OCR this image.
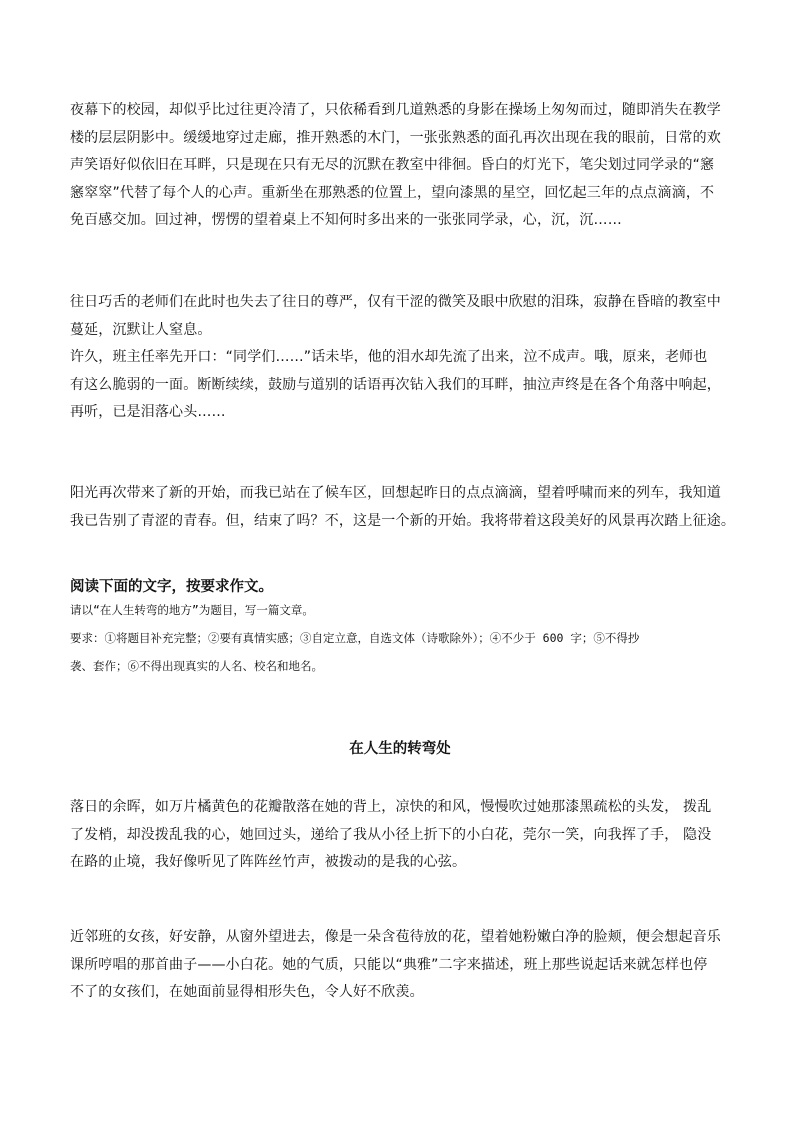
夜幕下的校园，却似乎比过往更冷清了，只依稀看到几道熟悉的身影在操场上匆匆而过，随即消失在教学
楼的层层阴影中。缓缓地穿过走廊，推开熟悉的木门，一张张熟悉的面孔再次出现在我的眼前，日常的欢
声笑语好似依旧在耳畔，只是现在只有无尽的沉默在教室中徘徊。昏白的灯光下，笔尖划过同学录的“窸
窸窣窣”代替了每个人的心声。重新坐在那熟悉的位置上，望向漆黑的星空，回忆起三年的点点滴滴，不
免百感交加。回过神，愣愣的望着桌上不知何时多出来的一张张同学录，心，沉，沉……
往日巧舌的老师们在此时也失去了往日的尊严，仅有干涩的微笑及眼中欣慰的泪珠，寂静在昏暗的教室中
蔓延，沉默让人窒息。
许久，班主任率先开口：“同学们……”话未毕，他的泪水却先流了出来，泣不成声。哦，原来，老师也
有这么脆弱的一面。断断续续，鼓励与道别的话语再次钻入我们的耳畔，抽泣声终是在各个角落中响起，
再听，已是泪落心头……
阳光再次带来了新的开始，而我已站在了候车区，回想起昨日的点点滴滴，望着呼啸而来的列车，我知道
我已告别了青涩的青春。但，结束了吗？不，这是一个新的开始。我将带着这段美好的风景再次踏上征途。
阅读下面的文字，按要求作文。
请以“在人生转弯的地方”为题目，写一篇文章。
要求：①将题目补充完整；②要有真情实感；③自定立意，自选文体（诗歌除外）；④不少于 600 字；⑤不得抄
袭、套作；⑥不得出现真实的人名、校名和地名。
在人生的转弯处
落日的余晖，如万片橘黄色的花瓣散落在她的背上，凉快的和风，慢慢吹过她那漆黑疏松的头发， 拨乱
了发梢，却没拨乱我的心，她回过头，递给了我从小径上折下的小白花，莞尔一笑，向我挥了手， 隐没
在路的止境，我好像听见了阵阵丝竹声，被拨动的是我的心弦。
近邻班的女孩，好安静，从窗外望进去，像是一朵含苞待放的花，望着她粉嫩白净的脸颊，便会想起音乐
课所哼唱的那首曲子——小白花。她的气质，只能以“典雅”二字来描述，班上那些说起话来就怎样也停
不了的女孩们，在她面前显得相形失色，令人好不欣羡。
